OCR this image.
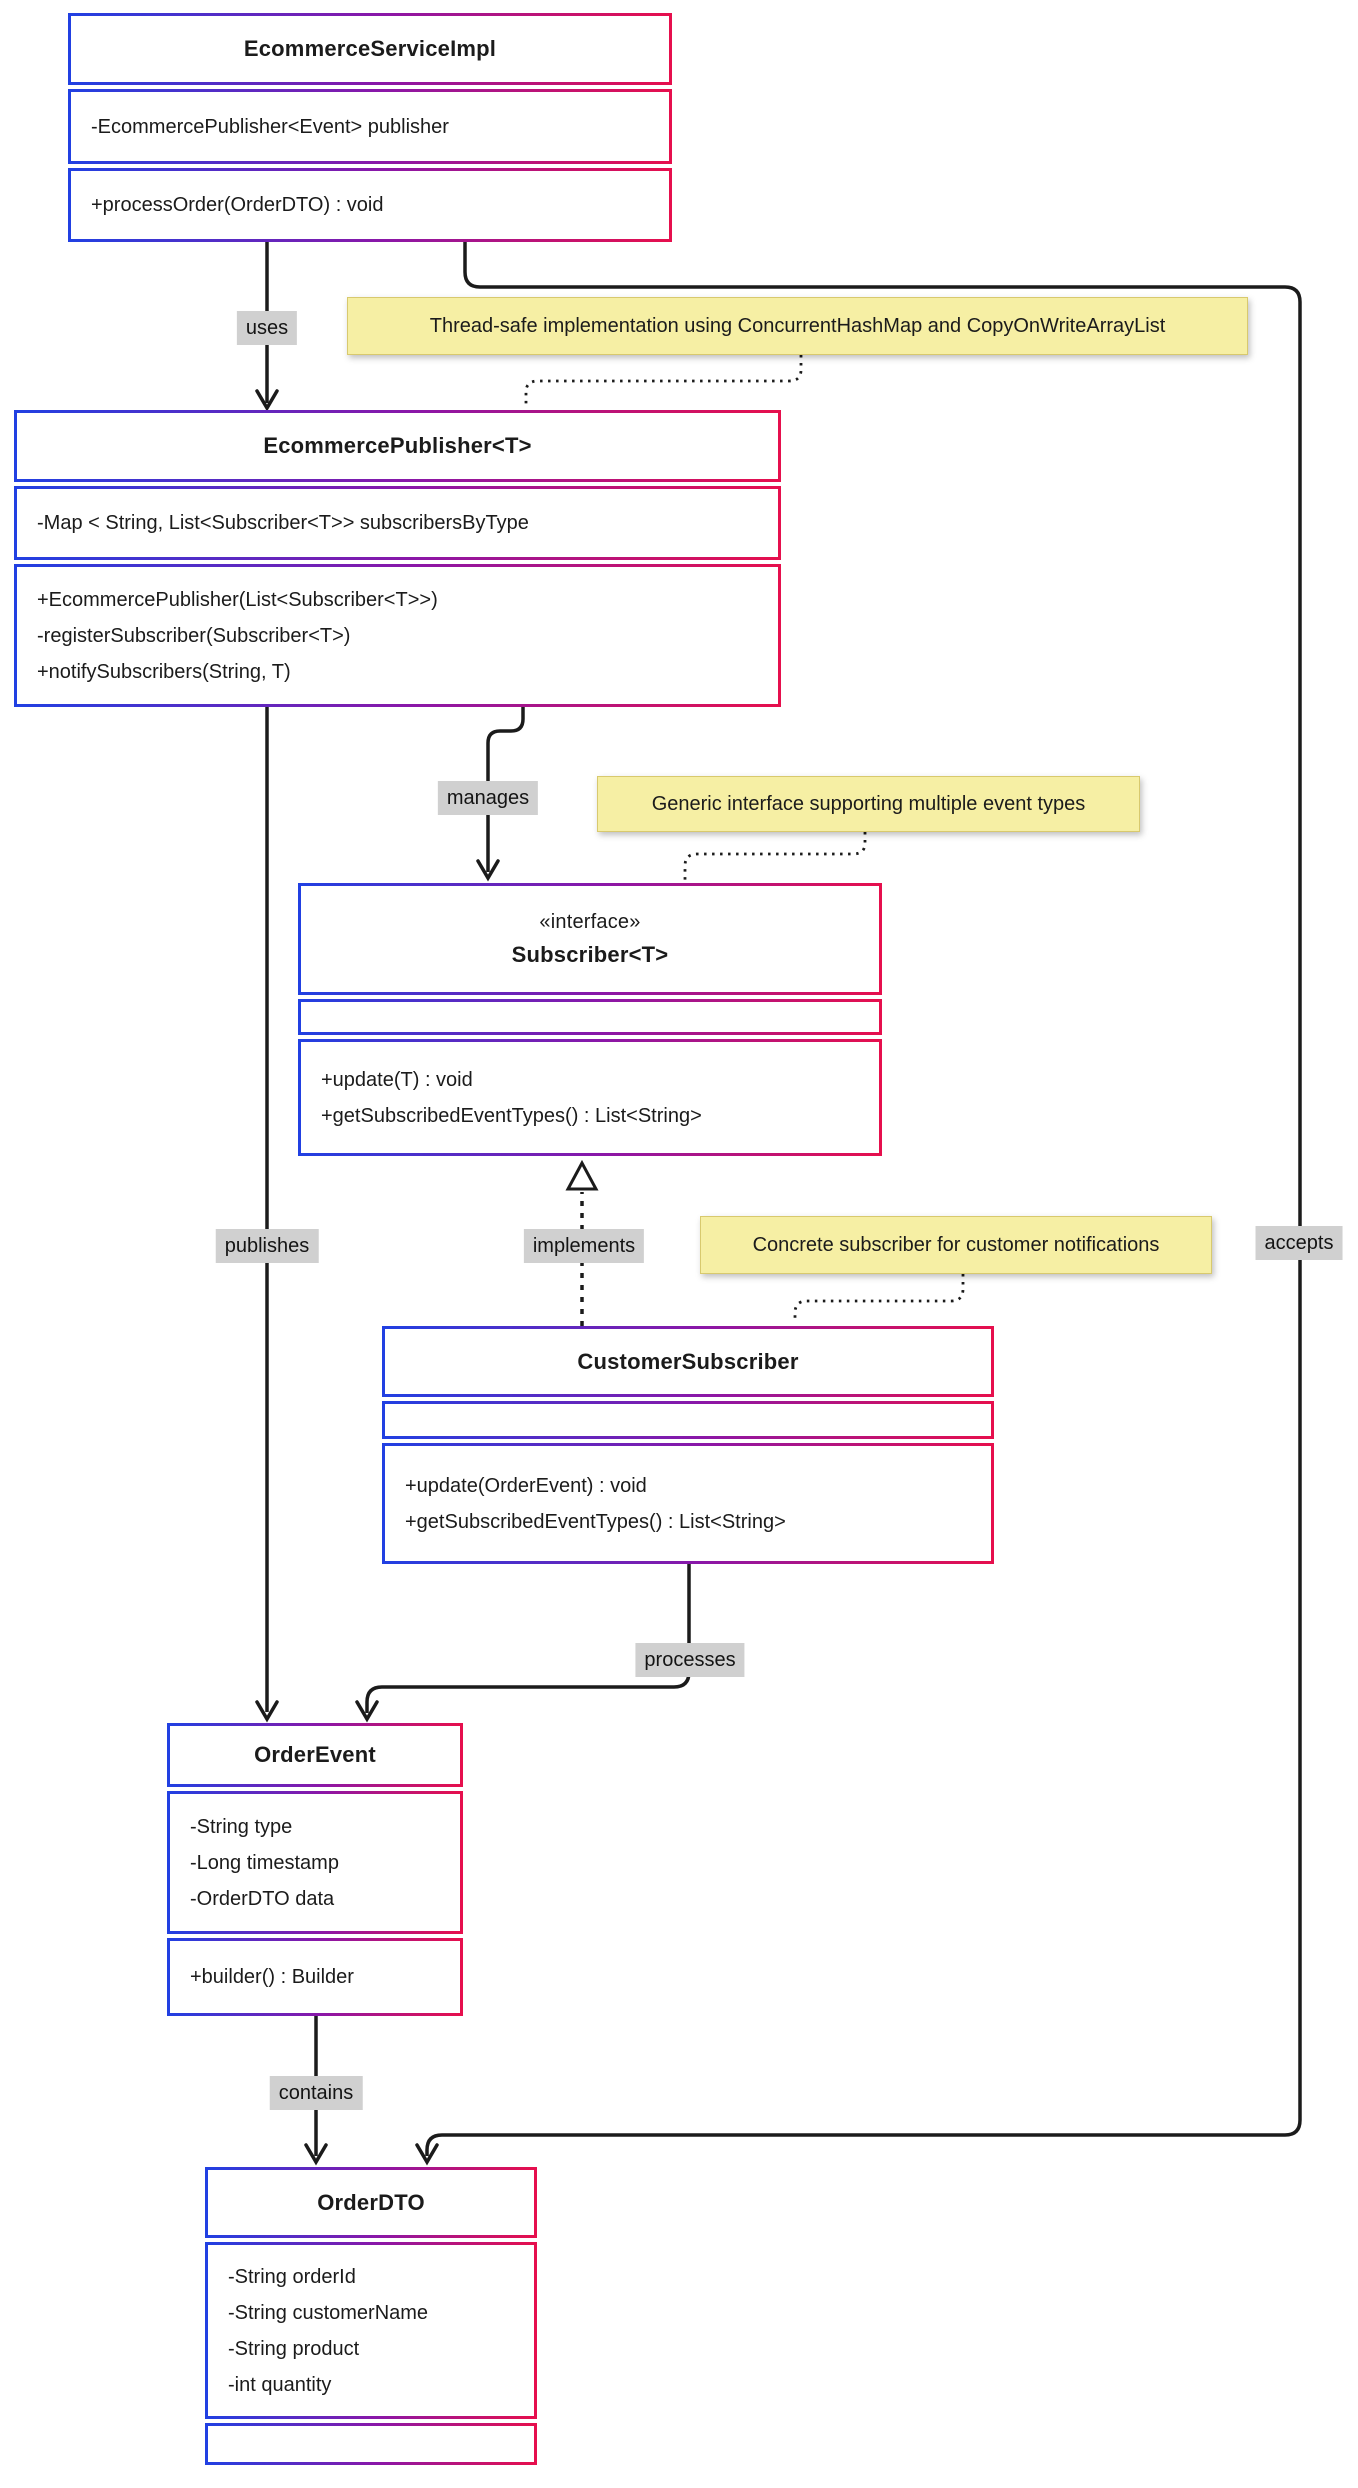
EcommerceServiceImpl
-EcommercePublisher<Event> publisher
+processOrder(OrderDTO) : void
EcommercePublisher<T>
-Map < String, List<Subscriber<T>> subscribersByType
+EcommercePublisher(List<Subscriber<T>>)
-registerSubscriber(Subscriber<T>)
+notifySubscribers(String, T)
«interface»
Subscriber<T>
+update(T) : void
+getSubscribedEventTypes() : List<String>
CustomerSubscriber
+update(OrderEvent) : void
+getSubscribedEventTypes() : List<String>
OrderEvent
-String type
-Long timestamp
-OrderDTO data
+builder() : Builder
OrderDTO
-String orderId
-String customerName
-String product
-int quantity
uses
manages
publishes	implements	accepts
processes
contains
Thread-safe implementation using ConcurrentHashMap and CopyOnWriteArrayList
Generic interface supporting multiple event types
Concrete subscriber for customer notifications
